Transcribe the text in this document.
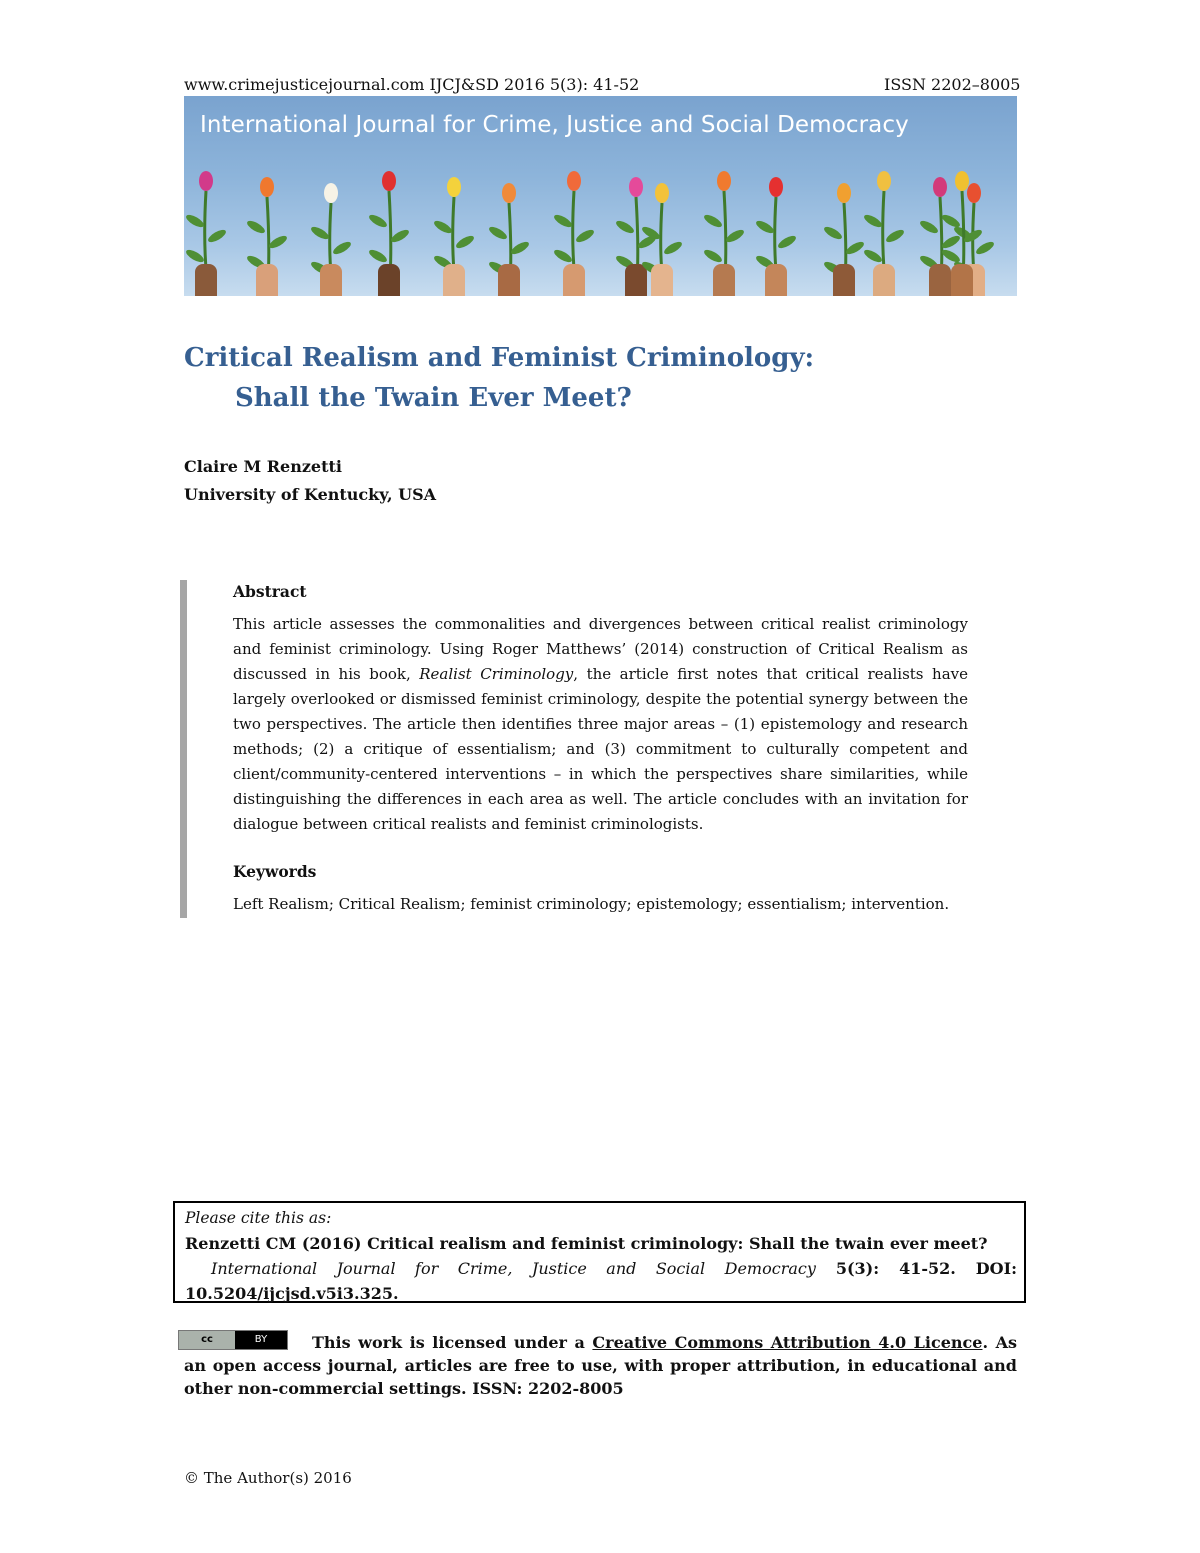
www.crimejusticejournal.com IJCJ&SD 2016 5(3): 41-52	ISSN 2202–8005
International Journal for Crime, Justice and Social Democracy
Critical Realism and Feminist Criminology:
Shall the Twain Ever Meet?
Claire M Renzetti
University of Kentucky, USA
Abstract
This article assesses the commonalities and divergences between critical realist criminology and feminist criminology. Using Roger Matthews’ (2014) construction of Critical Realism as discussed in his book, Realist Criminology, the article first notes that critical realists have largely overlooked or dismissed feminist criminology, despite the potential synergy between the two perspectives. The article then identifies three major areas – (1) epistemology and research methods; (2) a critique of essentialism; and (3) commitment to culturally competent and client/community-centered interventions – in which the perspectives share similarities, while distinguishing the differences in each area as well. The article concludes with an invitation for dialogue between critical realists and feminist criminologists.
Keywords
Left Realism; Critical Realism; feminist criminology; epistemology; essentialism; intervention.
Please cite this as:
Renzetti CM (2016) Critical realism and feminist criminology: Shall the twain ever meet?
International Journal for Crime, Justice and Social Democracy 5(3): 41-52. DOI: 10.5204/ijcjsd.v5i3.325.
cc	BY	This work is licensed under a Creative Commons Attribution 4.0 Licence. As an open access journal, articles are free to use, with proper attribution, in educational and other non-commercial settings. ISSN: 2202-8005
© The Author(s) 2016
